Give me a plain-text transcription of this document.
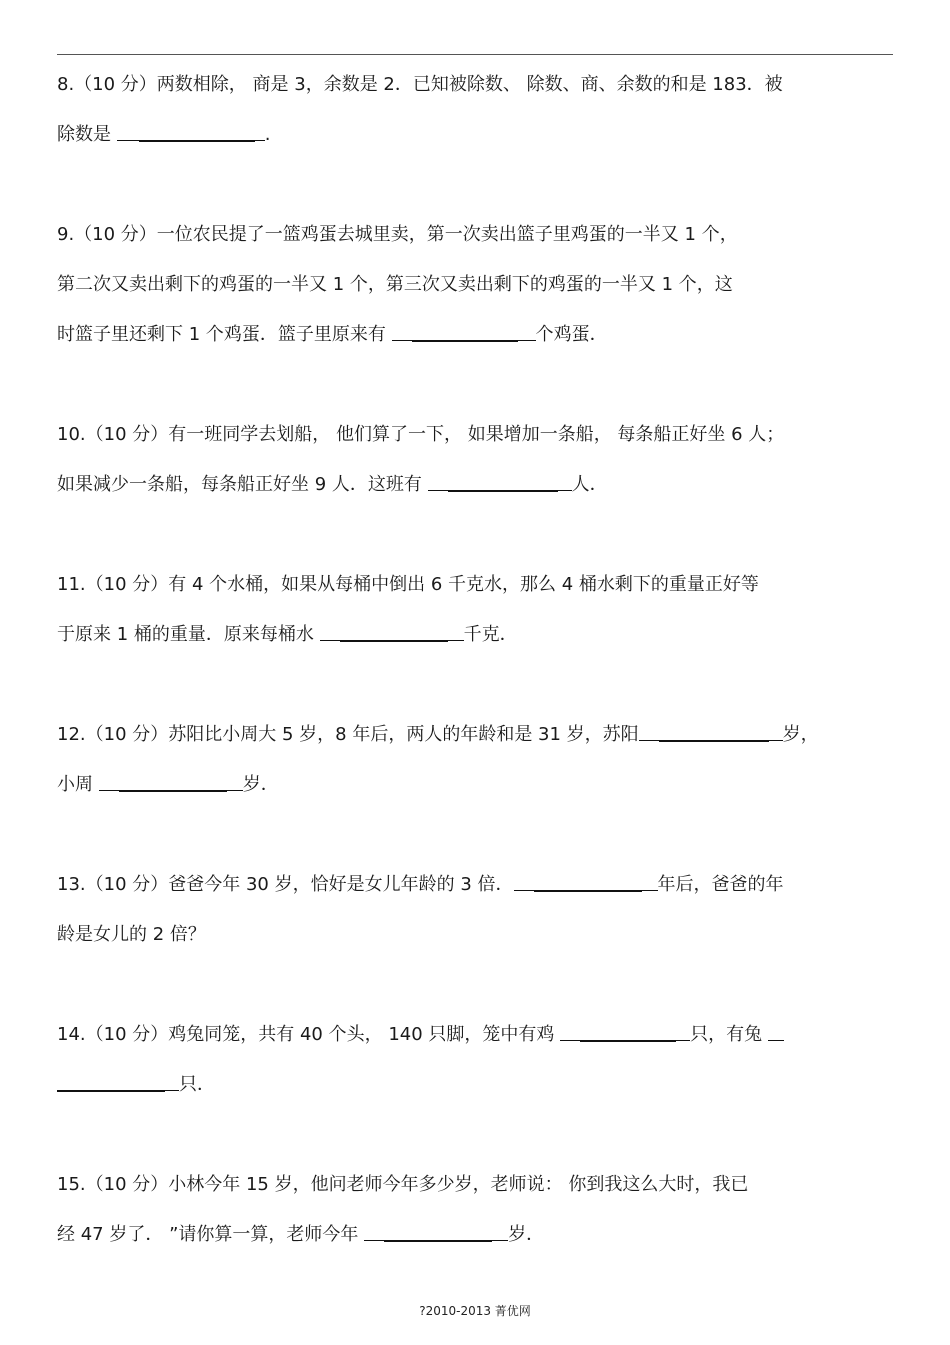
8.（10 分）两数相除， 商是 3，余数是 2．已知被除数、 除数、商、余数的和是 183．被
除数是	.
9.（10 分）一位农民提了一篮鸡蛋去城里卖，第一次卖出篮子里鸡蛋的一半又 1 个，
第二次又卖出剩下的鸡蛋的一半又 1 个，第三次又卖出剩下的鸡蛋的一半又 1 个，这
时篮子里还剩下 1 个鸡蛋．篮子里原来有	个鸡蛋．
10.（10 分）有一班同学去划船， 他们算了一下， 如果增加一条船， 每条船正好坐 6 人；
如果减少一条船，每条船正好坐 9 人．这班有	人．
11.（10 分）有 4 个水桶，如果从每桶中倒出 6 千克水，那么 4 桶水剩下的重量正好等
于原来 1 桶的重量．原来每桶水	千克．
12.（10 分）苏阳比小周大 5 岁，8 年后，两人的年龄和是 31 岁，苏阳	岁，
小周	岁．
13.（10 分）爸爸今年 30 岁，恰好是女儿年龄的 3 倍．	年后，爸爸的年
龄是女儿的 2 倍？
14.（10 分）鸡兔同笼，共有 40 个头， 140 只脚，笼中有鸡	只，有兔
只．
15.（10 分）小林今年 15 岁，他问老师今年多少岁，老师说： 你到我这么大时，我已
经 47 岁了． ”请你算一算，老师今年	岁．
?2010-2013 菁优网
